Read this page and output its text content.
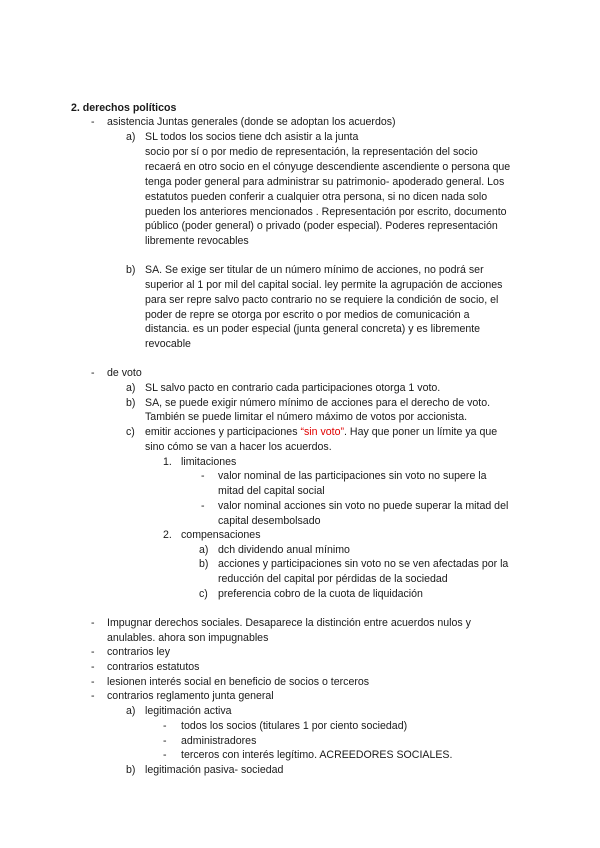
2. derechos políticos
- asistencia Juntas generales (donde se adoptan los acuerdos)
a) SL todos los socios tiene dch asistir a la junta
socio por sí o por medio de representación, la representación del socio
recaerá en otro socio en el cónyuge descendiente ascendiente o persona que
tenga poder general para administrar su patrimonio- apoderado general. Los
estatutos pueden conferir a cualquier otra persona, si no dicen nada solo
pueden los anteriores mencionados . Representación por escrito, documento
público (poder general) o privado (poder especial). Poderes representación
libremente revocables
b) SA. Se exige ser titular de un número mínimo de acciones, no podrá ser
superior al 1 por mil del capital social. ley permite la agrupación de acciones
para ser repre salvo pacto contrario no se requiere la condición de socio, el
poder de repre se otorga por escrito o por medios de comunicación a
distancia. es un poder especial (junta general concreta) y es libremente
revocable
- de voto
a) SL salvo pacto en contrario cada participaciones otorga 1 voto.
b) SA, se puede exigir número mínimo de acciones para el derecho de voto.
También se puede limitar el número máximo de votos por accionista.
c) emitir acciones y participaciones “sin voto”. Hay que poner un límite ya que
sino cómo se van a hacer los acuerdos.
1. limitaciones
- valor nominal de las participaciones sin voto no supere la
mitad del capital social
- valor nominal acciones sin voto no puede superar la mitad del
capital desembolsado
2. compensaciones
a) dch dividendo anual mínimo
b) acciones y participaciones sin voto no se ven afectadas por la
reducción del capital por pérdidas de la sociedad
c) preferencia cobro de la cuota de liquidación
- Impugnar derechos sociales. Desaparece la distinción entre acuerdos nulos y
anulables. ahora son impugnables
- contrarios ley
- contrarios estatutos
- lesionen interés social en beneficio de socios o terceros
- contrarios reglamento junta general
a) legitimación activa
- todos los socios (titulares 1 por ciento sociedad)
- administradores
- terceros con interés legítimo. ACREEDORES SOCIALES.
b) legitimación pasiva- sociedad
